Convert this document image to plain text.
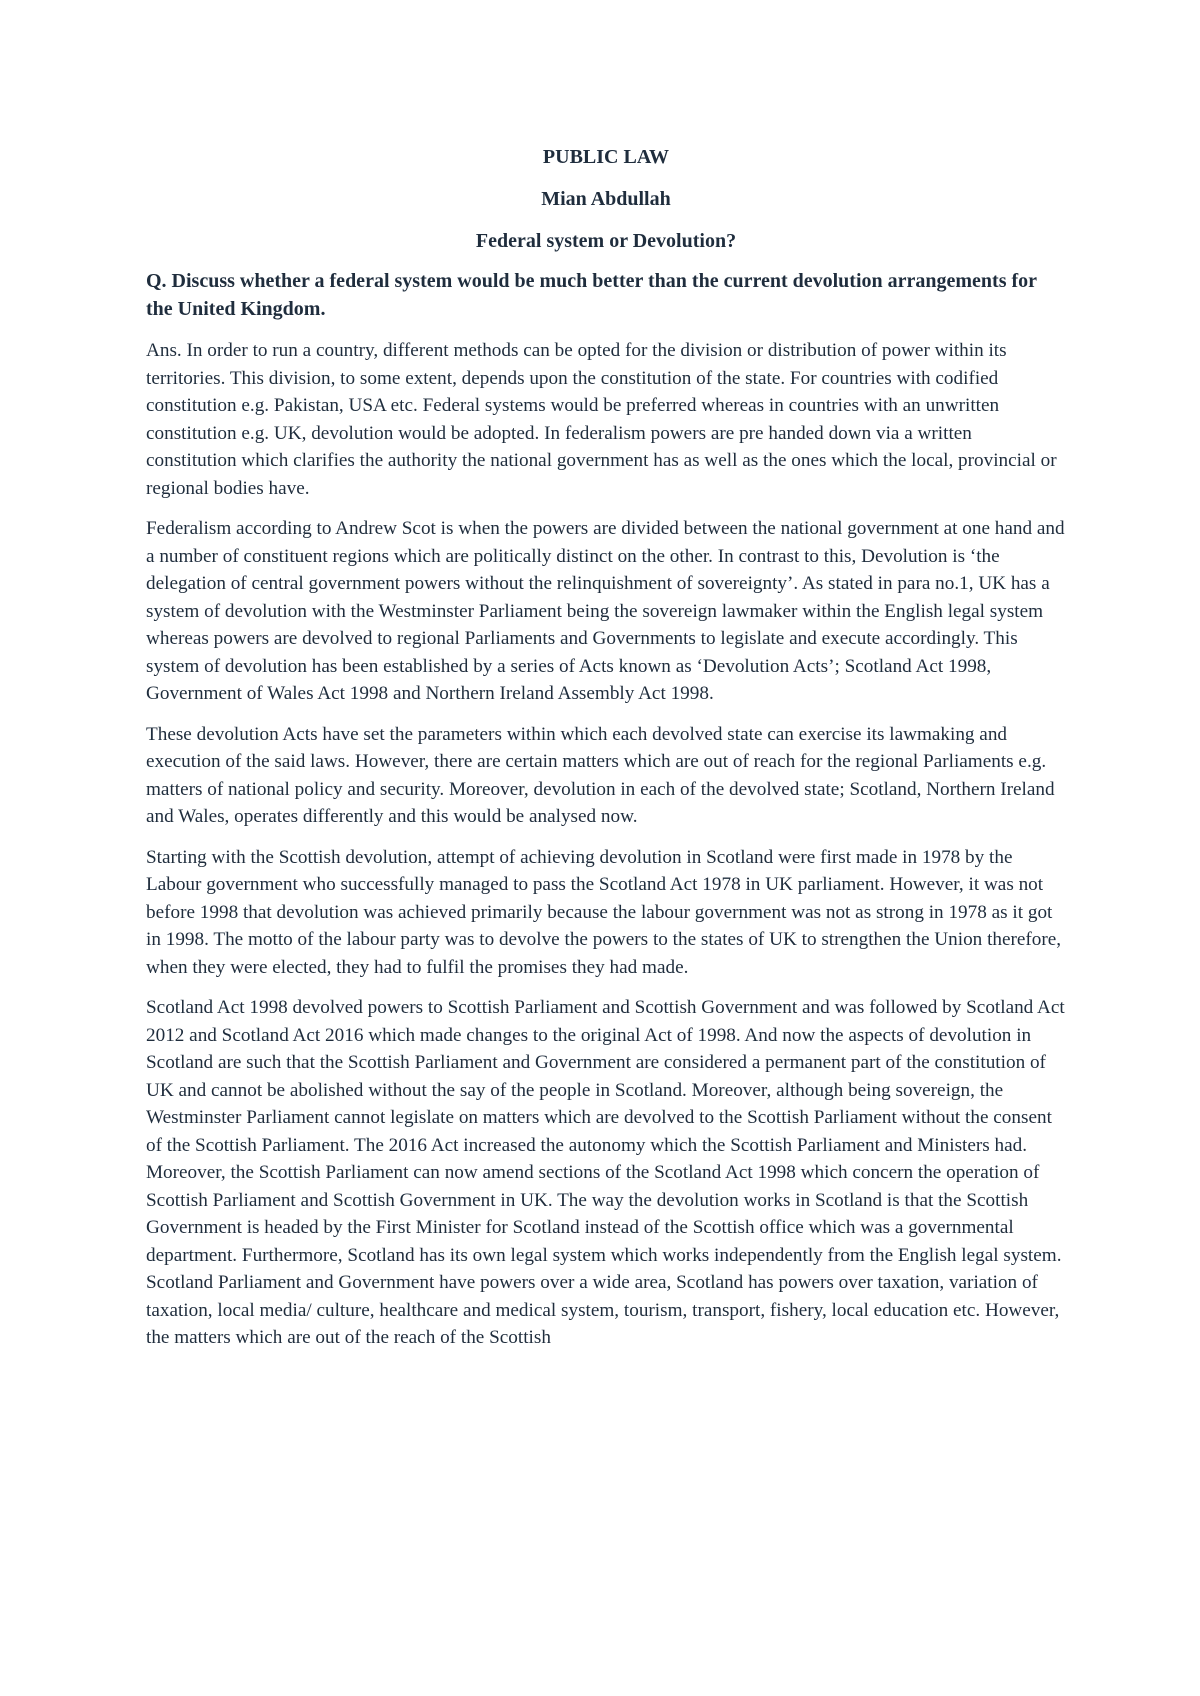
PUBLIC LAW

Mian Abdullah

Federal system or Devolution?

Q. Discuss whether a federal system would be much better than the current devolution arrangements for the United Kingdom.

Ans. In order to run a country, different methods can be opted for the division or distribution of power within its territories. This division, to some extent, depends upon the constitution of the state. For countries with codified constitution e.g. Pakistan, USA etc. Federal systems would be preferred whereas in countries with an unwritten constitution e.g. UK, devolution would be adopted. In federalism powers are pre handed down via a written constitution which clarifies the authority the national government has as well as the ones which the local, provincial or regional bodies have.

Federalism according to Andrew Scot is when the powers are divided between the national government at one hand and a number of constituent regions which are politically distinct on the other. In contrast to this, Devolution is ‘the delegation of central government powers without the relinquishment of sovereignty’. As stated in para no.1, UK has a system of devolution with the Westminster Parliament being the sovereign lawmaker within the English legal system whereas powers are devolved to regional Parliaments and Governments to legislate and execute accordingly. This system of devolution has been established by a series of Acts known as ‘Devolution Acts’; Scotland Act 1998, Government of Wales Act 1998 and Northern Ireland Assembly Act 1998.

These devolution Acts have set the parameters within which each devolved state can exercise its lawmaking and execution of the said laws. However, there are certain matters which are out of reach for the regional Parliaments e.g. matters of national policy and security. Moreover, devolution in each of the devolved state; Scotland, Northern Ireland and Wales, operates differently and this would be analysed now.

Starting with the Scottish devolution, attempt of achieving devolution in Scotland were first made in 1978 by the Labour government who successfully managed to pass the Scotland Act 1978 in UK parliament. However, it was not before 1998 that devolution was achieved primarily because the labour government was not as strong in 1978 as it got in 1998. The motto of the labour party was to devolve the powers to the states of UK to strengthen the Union therefore, when they were elected, they had to fulfil the promises they had made.

Scotland Act 1998 devolved powers to Scottish Parliament and Scottish Government and was followed by Scotland Act 2012 and Scotland Act 2016 which made changes to the original Act of 1998. And now the aspects of devolution in Scotland are such that the Scottish Parliament and Government are considered a permanent part of the constitution of UK and cannot be abolished without the say of the people in Scotland. Moreover, although being sovereign, the Westminster Parliament cannot legislate on matters which are devolved to the Scottish Parliament without the consent of the Scottish Parliament. The 2016 Act increased the autonomy which the Scottish Parliament and Ministers had. Moreover, the Scottish Parliament can now amend sections of the Scotland Act 1998 which concern the operation of Scottish Parliament and Scottish Government in UK. The way the devolution works in Scotland is that the Scottish Government is headed by the First Minister for Scotland instead of the Scottish office which was a governmental department. Furthermore, Scotland has its own legal system which works independently from the English legal system. Scotland Parliament and Government have powers over a wide area, Scotland has powers over taxation, variation of taxation, local media/ culture, healthcare and medical system, tourism, transport, fishery, local education etc. However, the matters which are out of the reach of the Scottish
